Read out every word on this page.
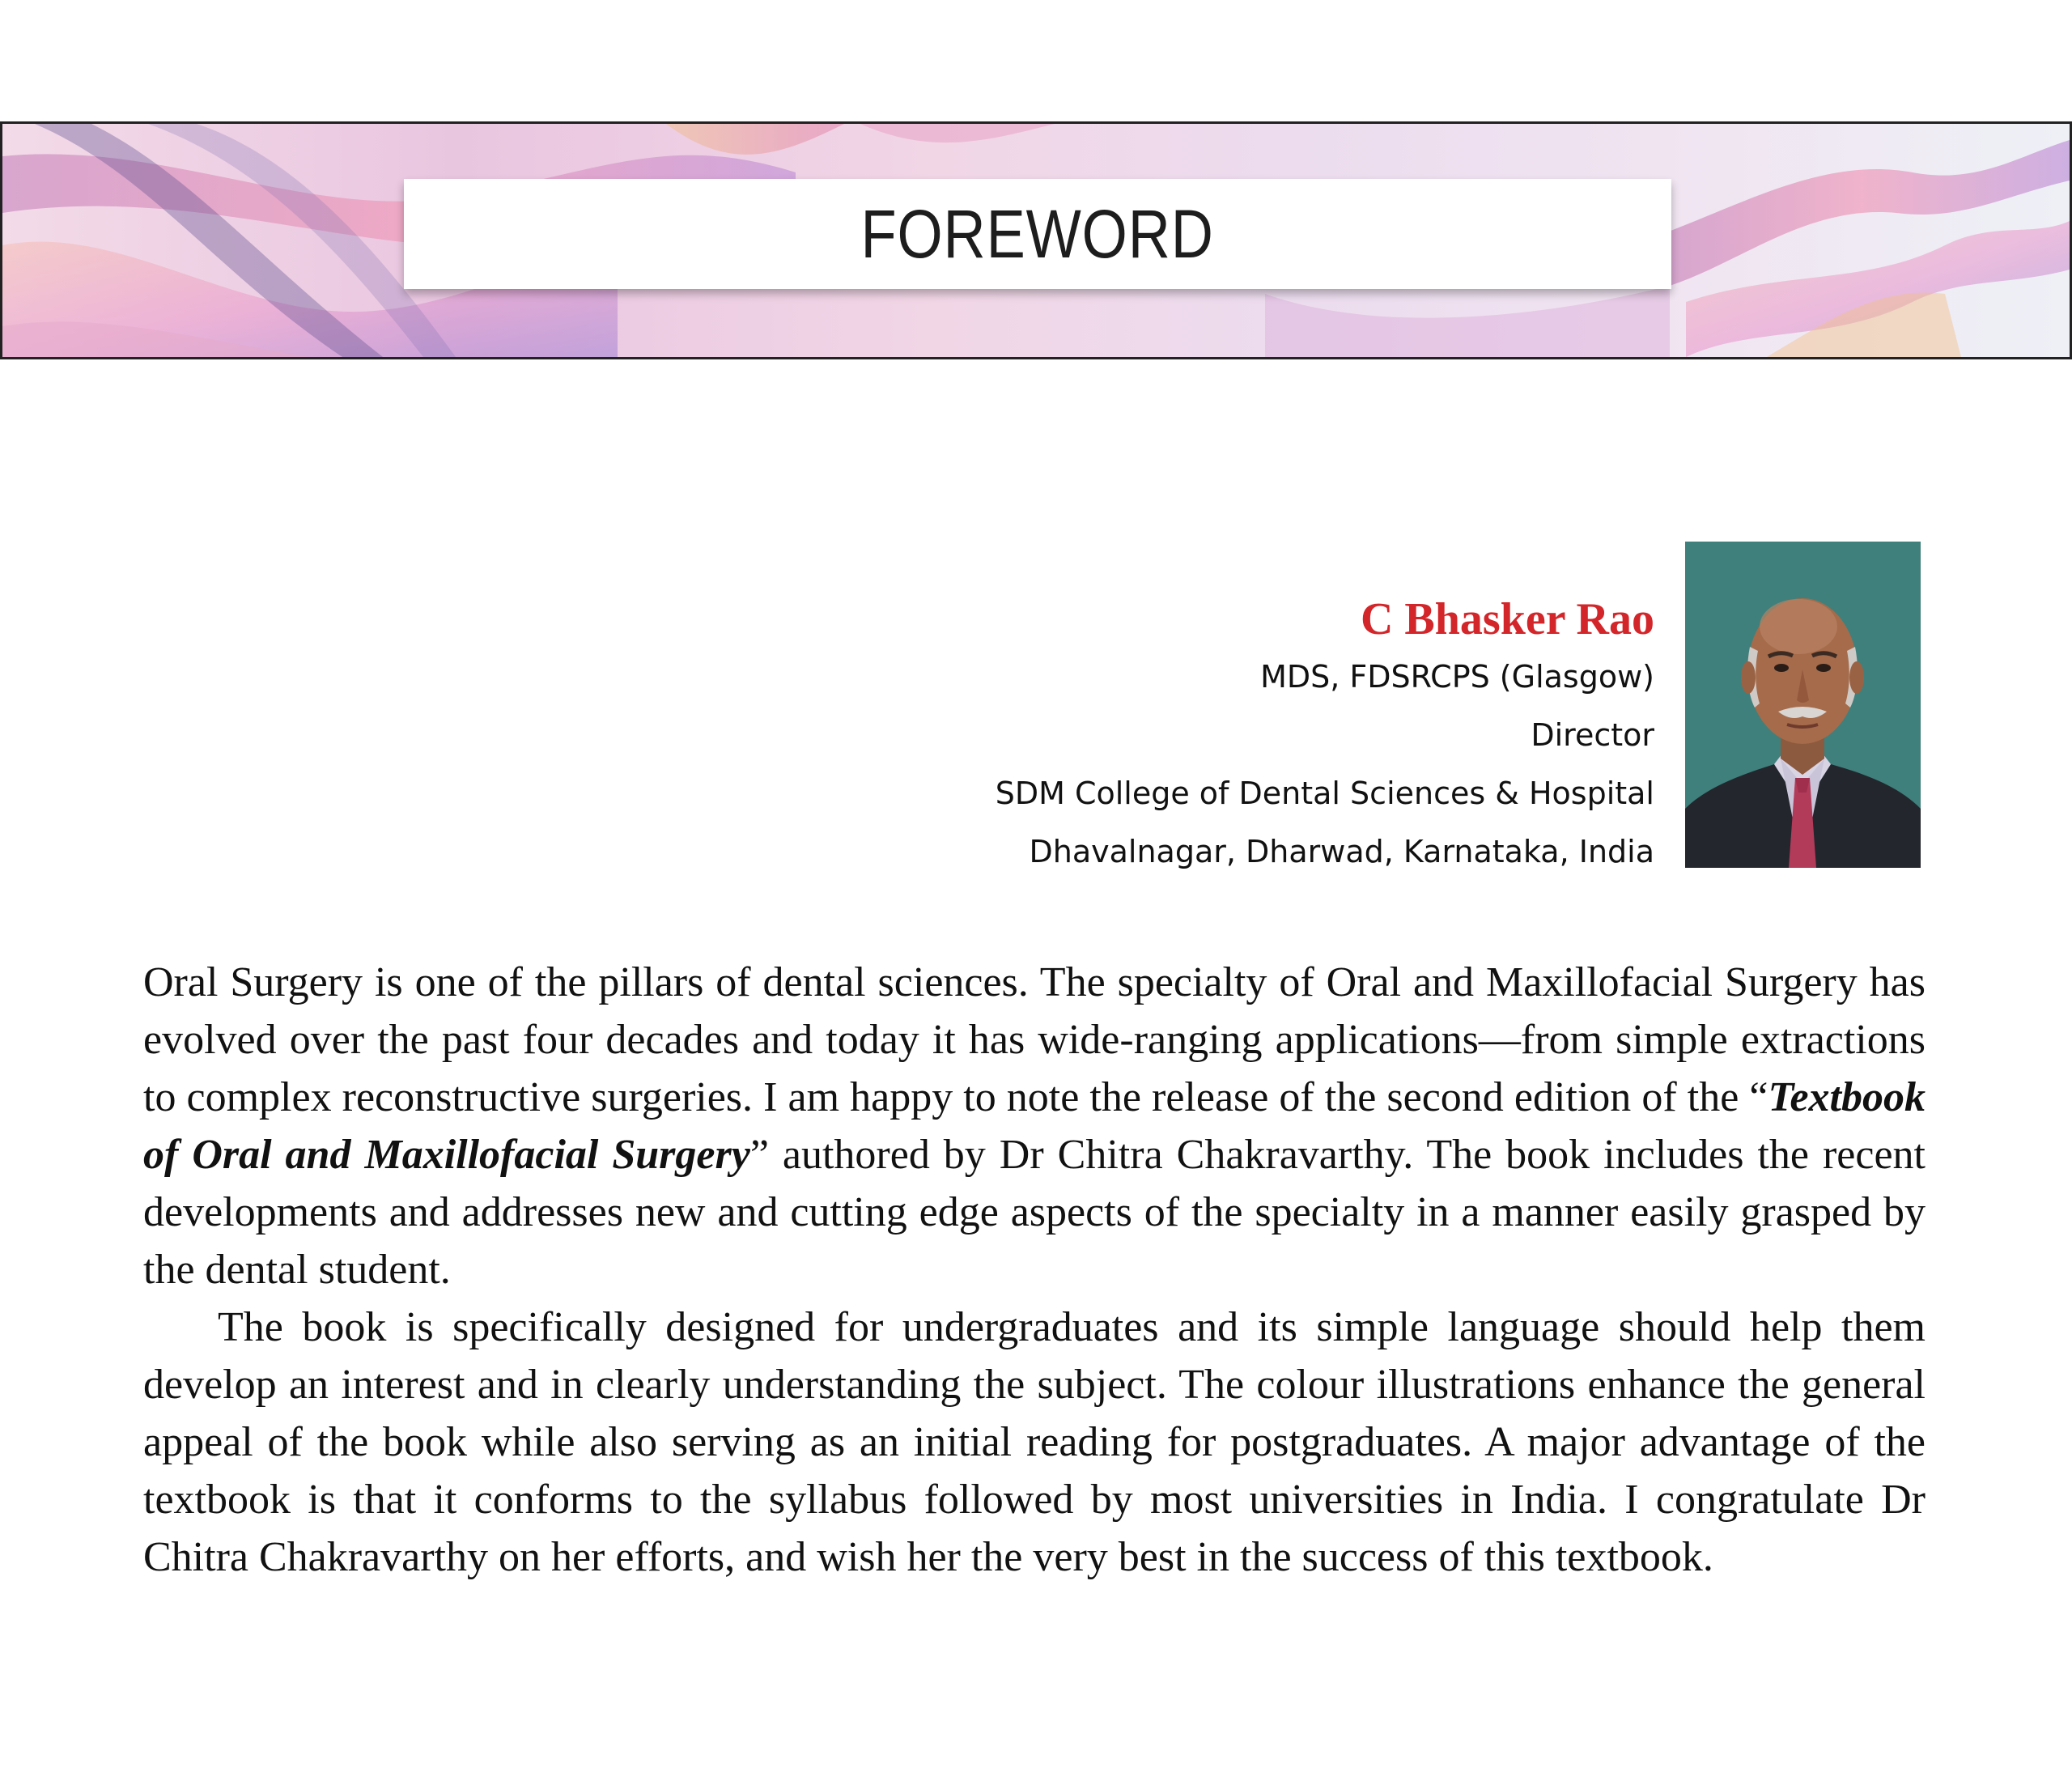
FOREWORD
C Bhasker Rao
MDS, FDSRCPS (Glasgow)
Director
SDM College of Dental Sciences & Hospital
Dhavalnagar, Dharwad, Karnataka, India

Oral Surgery is one of the pillars of dental sciences. The specialty of Oral and Maxillofacial Surgery has evolved over the past four decades and today it has wide-ranging applications—from simple extractions to complex reconstructive surgeries. I am happy to note the release of the second edition of the “Textbook of Oral and Maxillofacial Surgery” authored by Dr Chitra Chakravarthy. The book includes the recent developments and addresses new and cutting edge aspects of the specialty in a manner easily grasped by the dental student.

The book is specifically designed for undergraduates and its simple language should help them develop an interest and in clearly understanding the subject. The colour illustrations enhance the general appeal of the book while also serving as an initial reading for postgraduates. A major advantage of the textbook is that it conforms to the syllabus followed by most universities in India. I congratulate Dr Chitra Chakravarthy on her efforts, and wish her the very best in the success of this textbook.
